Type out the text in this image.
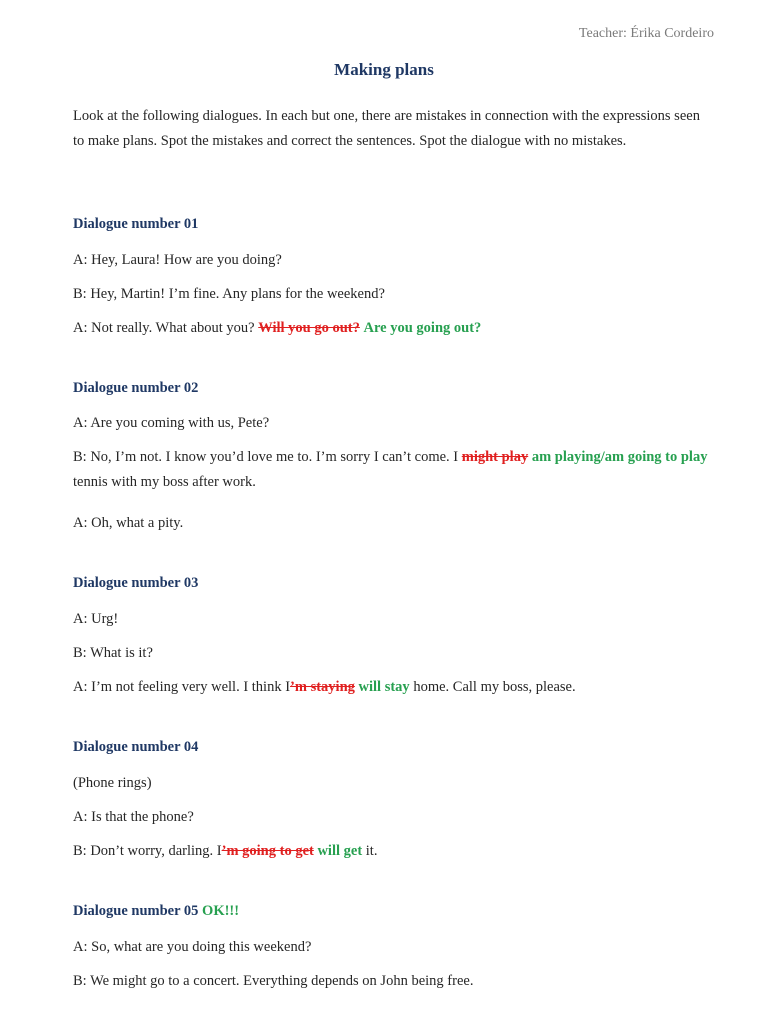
Teacher: Érika Cordeiro
Making plans
Look at the following dialogues. In each but one, there are mistakes in connection with the expressions seen to make plans. Spot the mistakes and correct the sentences. Spot the dialogue with no mistakes.
Dialogue number 01
A: Hey, Laura! How are you doing?
B: Hey, Martin! I’m fine. Any plans for the weekend?
A: Not really. What about you? Will you go out? Are you going out?
Dialogue number 02
A: Are you coming with us, Pete?
B: No, I’m not. I know you’d love me to. I’m sorry I can’t come. I might play am playing/am going to play tennis with my boss after work.
A: Oh, what a pity.
Dialogue number 03
A: Urg!
B: What is it?
A: I’m not feeling very well. I think I’m staying will stay home. Call my boss, please.
Dialogue number 04
(Phone rings)
A: Is that the phone?
B: Don’t worry, darling. I’m going to get will get it.
Dialogue number 05 OK!!!
A: So, what are you doing this weekend?
B: We might go to a concert. Everything depends on John being free.
